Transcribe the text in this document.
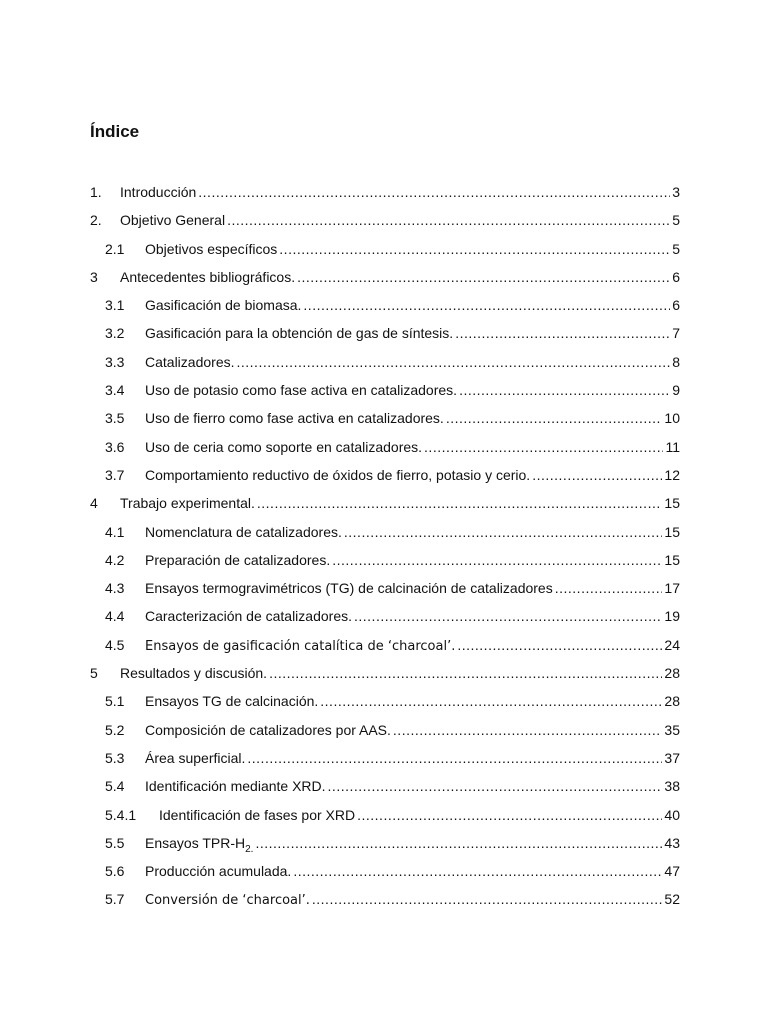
Índice
1.	Introducción .....	3
2.	Objetivo General .....	5
2.1	Objetivos específicos .....	5
3	Antecedentes bibliográficos. .....	6
3.1	Gasificación de biomasa. .....	6
3.2	Gasificación para la obtención de gas de síntesis. .....	7
3.3	Catalizadores. .....	8
3.4	Uso de potasio como fase activa en catalizadores. .....	9
3.5	Uso de fierro como fase activa en catalizadores. .....	10
3.6	Uso de ceria como soporte en catalizadores. .....	11
3.7	Comportamiento reductivo de óxidos de fierro, potasio y cerio. .....	12
4	Trabajo experimental. .....	15
4.1	Nomenclatura de catalizadores. .....	15
4.2	Preparación de catalizadores. .....	15
4.3	Ensayos termogravimétricos (TG) de calcinación de catalizadores .....	17
4.4	Caracterización de catalizadores. .....	19
4.5	Ensayos de gasificación catalítica de ‘charcoal’. .....	24
5	Resultados y discusión. .....	28
5.1	Ensayos TG de calcinación. .....	28
5.2	Composición de catalizadores por AAS. .....	35
5.3	Área superficial. .....	37
5.4	Identificación mediante XRD. .....	38
5.4.1	Identificación de fases por XRD .....	40
5.5	Ensayos TPR-$H_{2.}$ .....	43
5.6	Producción acumulada. .....	47
5.7	Conversión de ‘charcoal’. .....	52
